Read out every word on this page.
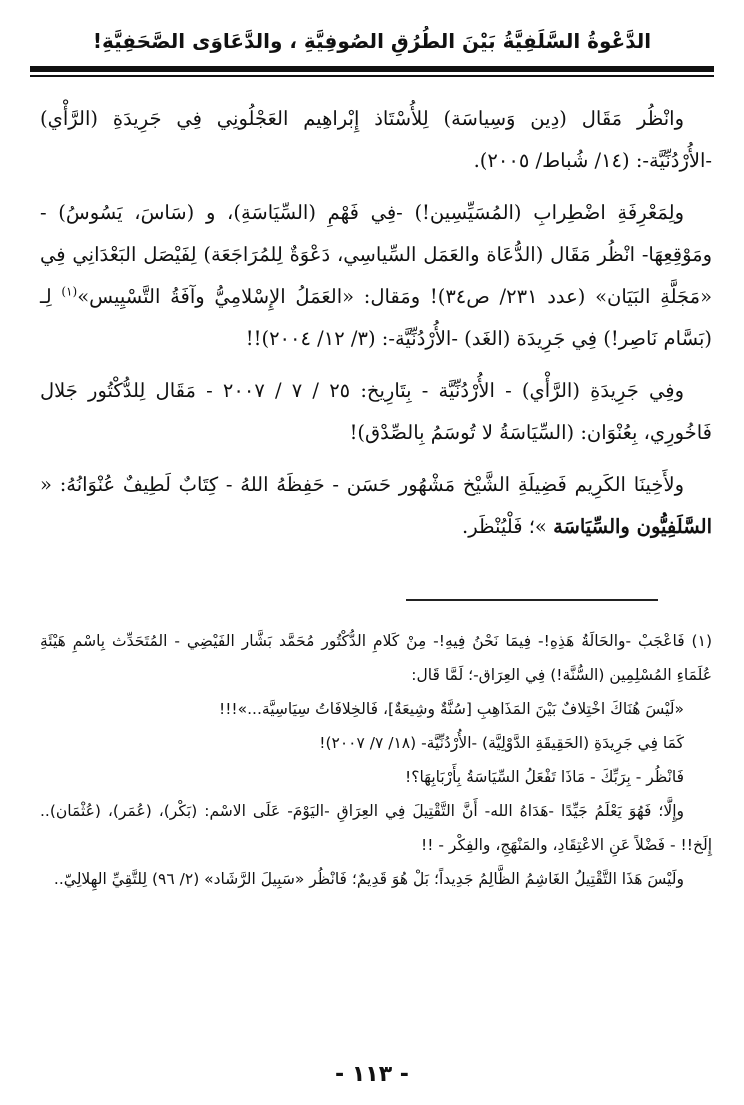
الدَّعْوةُ السَّلَفِيَّةُ بَيْنَ الطُرُقِ الصُوفِيَّةِ ، والدَّعَاوَى الصَّحَفِيَّةِ!

وانْظُر مَقَال (دِين وَسِياسَة) لِلأُسْتَاذ إِبْراهِيم العَجْلُونِي فِي جَرِيدَةِ (الرَّأْي) -الأُرْدُنِّيَّة-: (١٤/ شُباط/ ٢٠٠٥).

ولِمَعْرِفَةِ اضْطِرابِ (المُسَيِّسِين!) -فِي فَهْمِ (السِّيَاسَةِ)، و (سَاسَ، يَسُوسُ) - ومَوْقِعِهَا- انْظُر مَقَال (الدُّعَاة والعَمَل السِّياسِي، دَعْوَةٌ لِلمُرَاجَعَة) لِفَيْصَل البَعْدَانِي فِي «مَجَلَّةِ البَيَان» (عدد ٢٣١/ ص٣٤)! ومَقال: «العَمَلُ الإِسْلامِيُّ وآفَةُ التَّسْيِيس»$^{(١)}$ لِـ (بَسَّام نَاصِر!) فِي جَرِيدَة (الغَد) -الأُرْدُنِّيَّة-: (٣/ ١٢/ ٢٠٠٤)!!

وفِي جَرِيدَةِ (الرَّأْي) - الأُرْدُنِّيَّة - بِتَارِيخ: ٢٥ / ٧ / ٢٠٠٧ - مَقَال لِلدُّكْتُور جَلال فَاخُورِي، بِعُنْوَان: (السِّيَاسَةُ لا تُوسَمُ بِالصِّدْق)!

ولأَخِينَا الكَرِيم فَضِيلَةِ الشَّيْخ مَشْهُور حَسَن - حَفِظَهُ اللهُ - كِتَابٌ لَطِيفٌ عُنْوَانُهُ: « السَّلَفِيُّون والسِّيَاسَة »؛ فَلْيُنْظَر.

(١) فَاعْجَبْ -والحَالَةُ هَذِهِ!- فِيمَا نَحْنُ فِيهِ!- مِنْ كَلامِ الدُّكْتُور مُحَمَّد بَشَّار الفَيْضِي - المُتَحَدِّث بِاسْمِ هَيْئَةِ عُلَمَاءِ المُسْلِمِين (السُّنَّة!) فِي العِرَاق-؛ لَمَّا قَال:

«لَيْسَ هُنَاكَ اخْتِلافٌ بَيْنَ المَذَاهِبِ [سُنَّةٌ وشِيعَةٌ]، فَالخِلافَاتُ سِيَاسِيَّة...»!!!

كَمَا فِي جَرِيدَةِ (الحَقِيقَةِ الدَّوْلِيَّة) -الأُرْدُنِّيَّة- (١٨/ ٧/ ٢٠٠٧)!

فَانْظُر - بِرَبِّكَ - مَاذَا تَفْعَلُ السِّيَاسَةُ بِأَرْبَابِهَا؟!

وإِلَّا؛ فَهُوَ يَعْلَمُ جَيِّدًا -هَدَاهُ الله- أَنَّ التَّقْتِيلَ فِي العِرَاقِ -اليَوْمَ- عَلَى الاسْم: (بَكْر)، (عُمَر)، (عُثْمَان).. إِلَخ!! - فَضْلاً عَنِ الاعْتِقَادِ، والمَنْهَجِ، والفِكْر - !!

ولَيْسَ هَذَا التَّقْتِيلُ الغَاشِمُ الظَّالِمُ جَدِيداً؛ بَلْ هُوَ قَدِيمٌ؛ فَانْظُر «سَبِيلَ الرَّشَاد» (٢/ ٩٦) لِلتَّقِيِّ الهِلالِيّ..

- ١١٣ -
